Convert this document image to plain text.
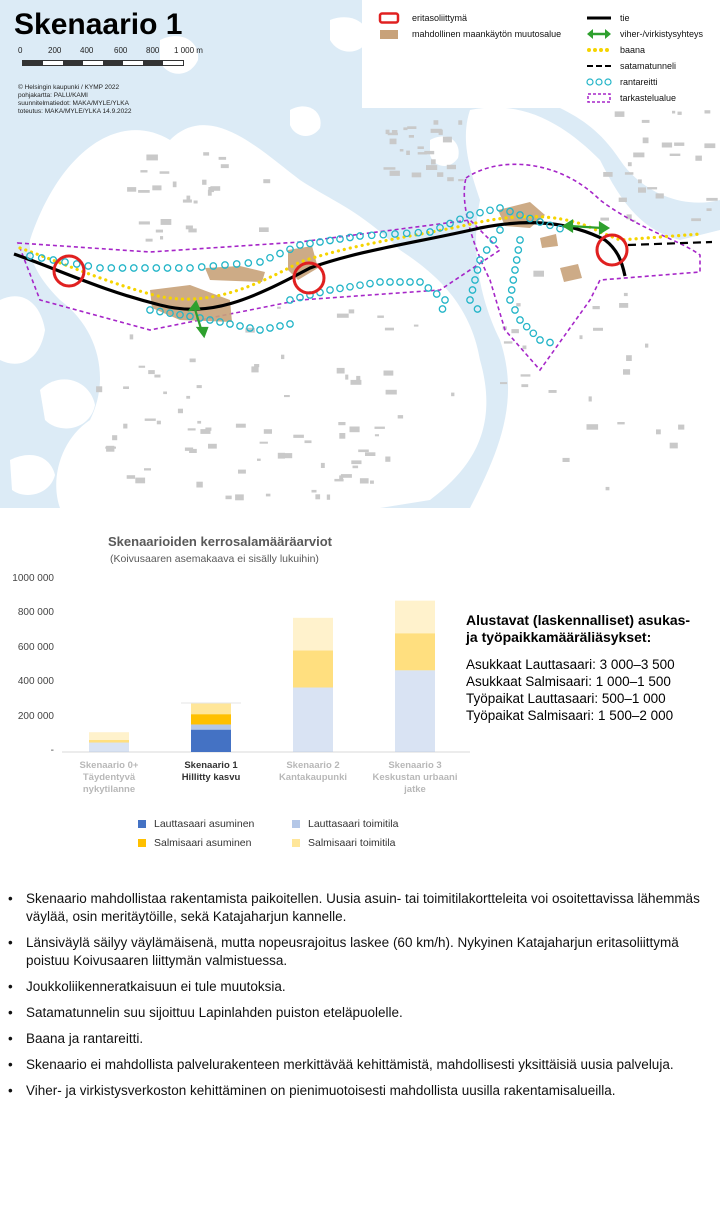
Skenaario 1
0	200 400	600 800 1 000 m
© Helsingin kaupunki / KYMP 2022
pohjakartta: PALU/KAMI
suunnitelmatiedot: MAKA/MYLE/YLKA
toteutus: MAKA/MYLE/YLKA 14.9.2022
eritasoliittymä
mahdollinen maankäytön muutosalue
tie
viher-/virkistysyhteys
baana
satamatunneli
rantareitti
tarkastelualue
Skenaarioiden kerrosalamääräarviot
(Koivusaaren asemakaava ei sisälly lukuihin)
-
200 000
400 000
600 000
800 000
1000 000
Skenaario 0+
Täydentyvä
nykytilanne
Skenaario 1
Hillitty kasvu
Skenaario 2
Kantakaupunki
Skenaario 3
Keskustan urbaani
jatke
Lauttasaari asuminen	Lauttasaari toimitila
Salmisaari asuminen	Salmisaari toimitila
Alustavat (laskennalliset) asukas-
ja työpaikkamääräliäsykset:
Asukkaat Lauttasaari: 3 000–3 500
Asukkaat Salmisaari: 1 000–1 500
Työpaikat Lauttasaari: 500–1 000
Työpaikat Salmisaari: 1 500–2 000
• Skenaario mahdollistaa rakentamista paikoitellen. Uusia asuin- tai toimitilakortteleita voi osoitettavissa lähemmäs väylää, osin meritäytöille, sekä Katajaharjun kannelle.
• Länsiväylä säilyy väylämäisenä, mutta nopeusrajoitus laskee (60 km/h). Nykyinen Katajaharjun eritasoliittymä poistuu Koivusaaren liittymän valmistuessa.
• Joukkoliikenneratkaisuun ei tule muutoksia.
• Satamatunnelin suu sijoittuu Lapinlahden puiston eteläpuolelle.
• Baana ja rantareitti.
• Skenaario ei mahdollista palvelurakenteen merkittävää kehittämistä, mahdollisesti yksittäisiä uusia palveluja.
• Viher- ja virkistysverkoston kehittäminen on pienimuotoisesti mahdollista uusilla rakentamisalueilla.
